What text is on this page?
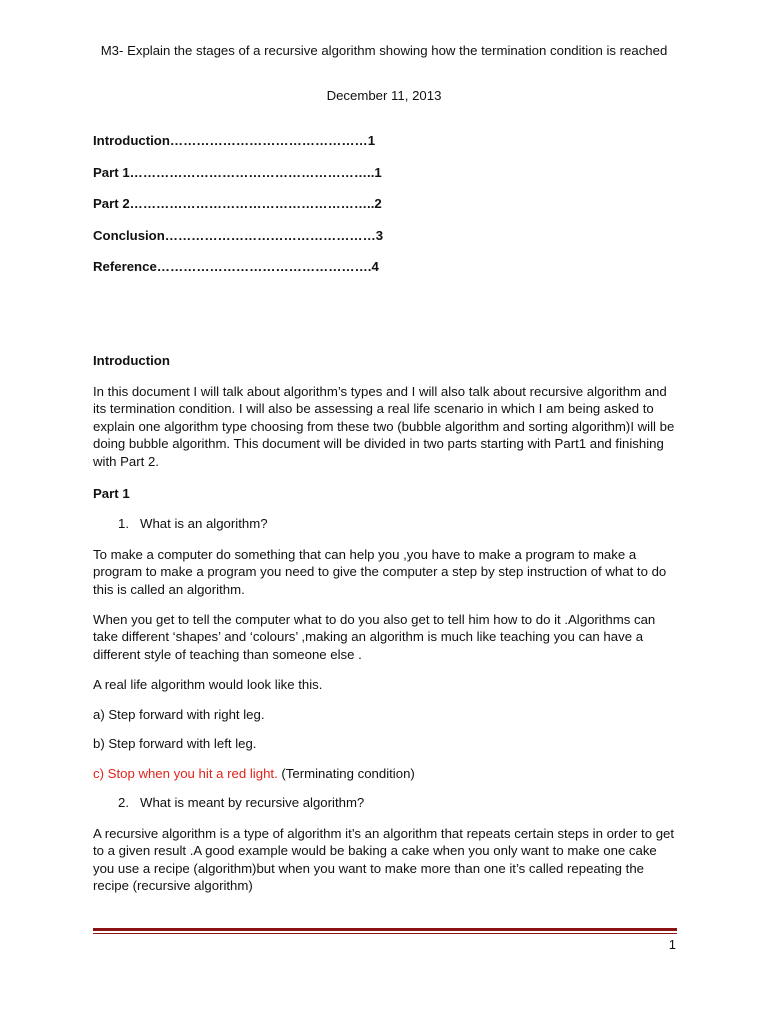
M3- Explain the stages of a recursive algorithm showing how the termination condition is reached
December 11, 2013
Introduction………………………………………1
Part 1………………………………………………..1
Part 2………………………………………………..2
Conclusion…………………………………………3
Reference………………………………………….4
Introduction
In this document I will talk about algorithm’s types and I will also talk about recursive algorithm and its termination condition. I will also be assessing a real life scenario in which I am being asked to explain one algorithm type choosing from these two (bubble algorithm and sorting algorithm)I will be doing bubble algorithm. This document will be divided in two parts starting with Part1 and finishing with Part 2.
Part 1
1. What is an algorithm?
To make a computer do something that can help you ,you have to make a program to make a program to make a program you need to give the computer a step by step instruction of what to do this is called an algorithm.
When you get to tell the computer what to do you also get to tell him how to do it .Algorithms can take different ‘shapes’ and ‘colours’ ,making an algorithm is much like teaching you can have a different style of teaching than someone else .
A real life algorithm would look like this.
a) Step forward with right leg.
b) Step forward with left leg.
c) Stop when you hit a red light. (Terminating condition)
2. What is meant by recursive algorithm?
A recursive algorithm is a type of algorithm it’s an algorithm that repeats certain steps in order to get to a given result .A good example would be baking a cake when you only want to make one cake you use a recipe (algorithm)but when you want to make more than one it’s called repeating the recipe (recursive algorithm)
1
